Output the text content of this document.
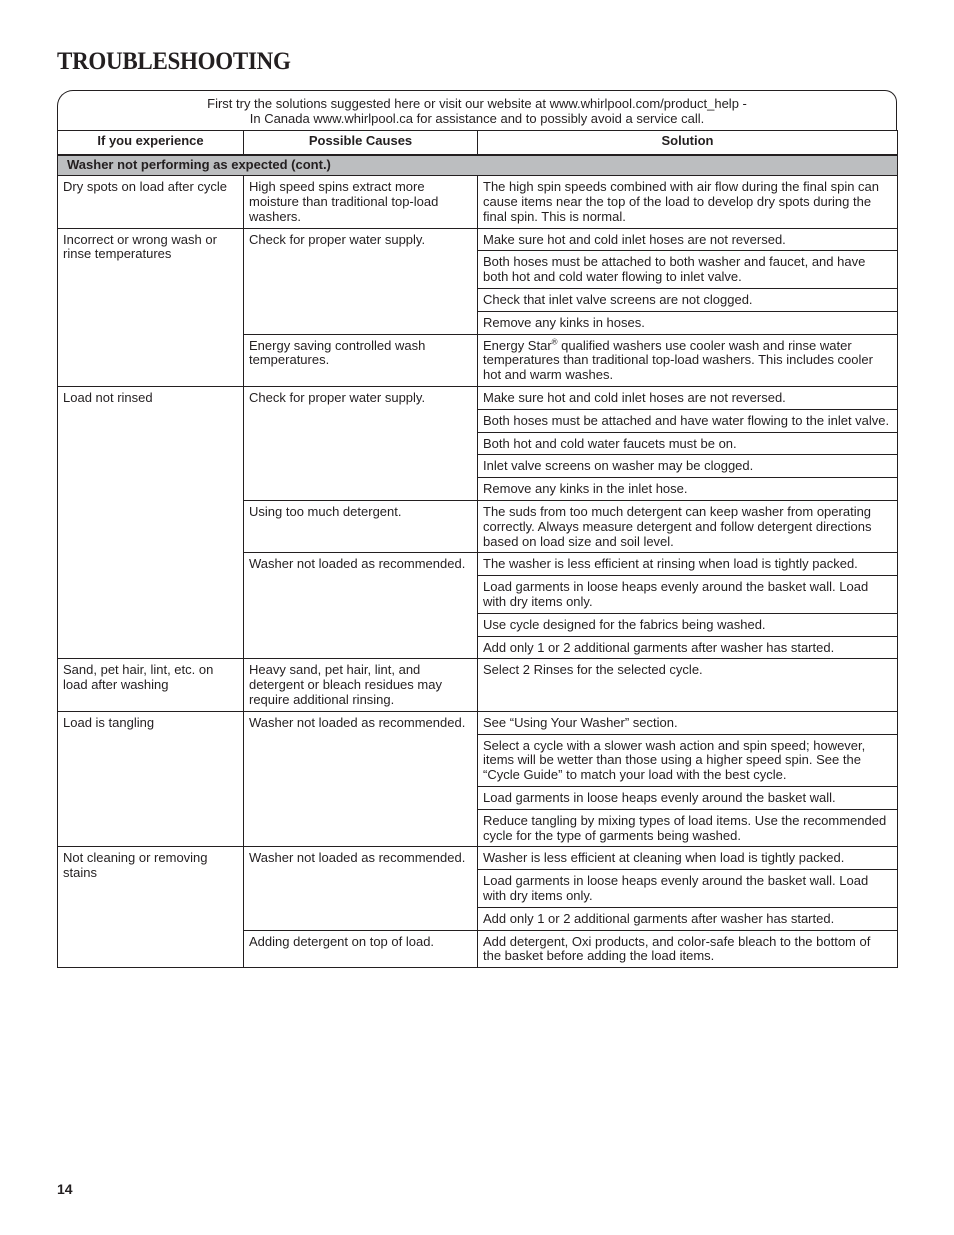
TROUBLESHOOTING
First try the solutions suggested here or visit our website at www.whirlpool.com/product_help -
In Canada www.whirlpool.ca for assistance and to possibly avoid a service call.
If you experience	Possible Causes	Solution
Washer not performing as expected (cont.)		
Dry spots on load after cycle	High speed spins extract more moisture than traditional top-load washers.	The high spin speeds combined with air flow during the final spin can cause items near the top of the load to develop dry spots during the final spin. This is normal.
Incorrect or wrong wash or rinse temperatures	Check for proper water supply.	Make sure hot and cold inlet hoses are not reversed.
		Both hoses must be attached to both washer and faucet, and have both hot and cold water flowing to inlet valve.
		Check that inlet valve screens are not clogged.
		Remove any kinks in hoses.
	Energy saving controlled wash temperatures.	Energy Star® qualified washers use cooler wash and rinse water temperatures than traditional top-load washers. This includes cooler hot and warm washes.
Load not rinsed	Check for proper water supply.	Make sure hot and cold inlet hoses are not reversed.
		Both hoses must be attached and have water flowing to the inlet valve.
		Both hot and cold water faucets must be on.
		Inlet valve screens on washer may be clogged.
		Remove any kinks in the inlet hose.
	Using too much detergent.	The suds from too much detergent can keep washer from operating correctly. Always measure detergent and follow detergent directions based on load size and soil level.
	Washer not loaded as recommended.	The washer is less efficient at rinsing when load is tightly packed.
		Load garments in loose heaps evenly around the basket wall. Load with dry items only.
		Use cycle designed for the fabrics being washed.
		Add only 1 or 2 additional garments after washer has started.
Sand, pet hair, lint, etc. on load after washing	Heavy sand, pet hair, lint, and detergent or bleach residues may require additional rinsing.	Select 2 Rinses for the selected cycle.
Load is tangling	Washer not loaded as recommended.	See “Using Your Washer” section.
		Select a cycle with a slower wash action and spin speed; however, items will be wetter than those using a higher speed spin. See the “Cycle Guide” to match your load with the best cycle.
		Load garments in loose heaps evenly around the basket wall.
		Reduce tangling by mixing types of load items. Use the recommended cycle for the type of garments being washed.
Not cleaning or removing stains	Washer not loaded as recommended.	Washer is less efficient at cleaning when load is tightly packed.
		Load garments in loose heaps evenly around the basket wall. Load with dry items only.
		Add only 1 or 2 additional garments after washer has started.
	Adding detergent on top of load.	Add detergent, Oxi products, and color-safe bleach to the bottom of the basket before adding the load items.
14
